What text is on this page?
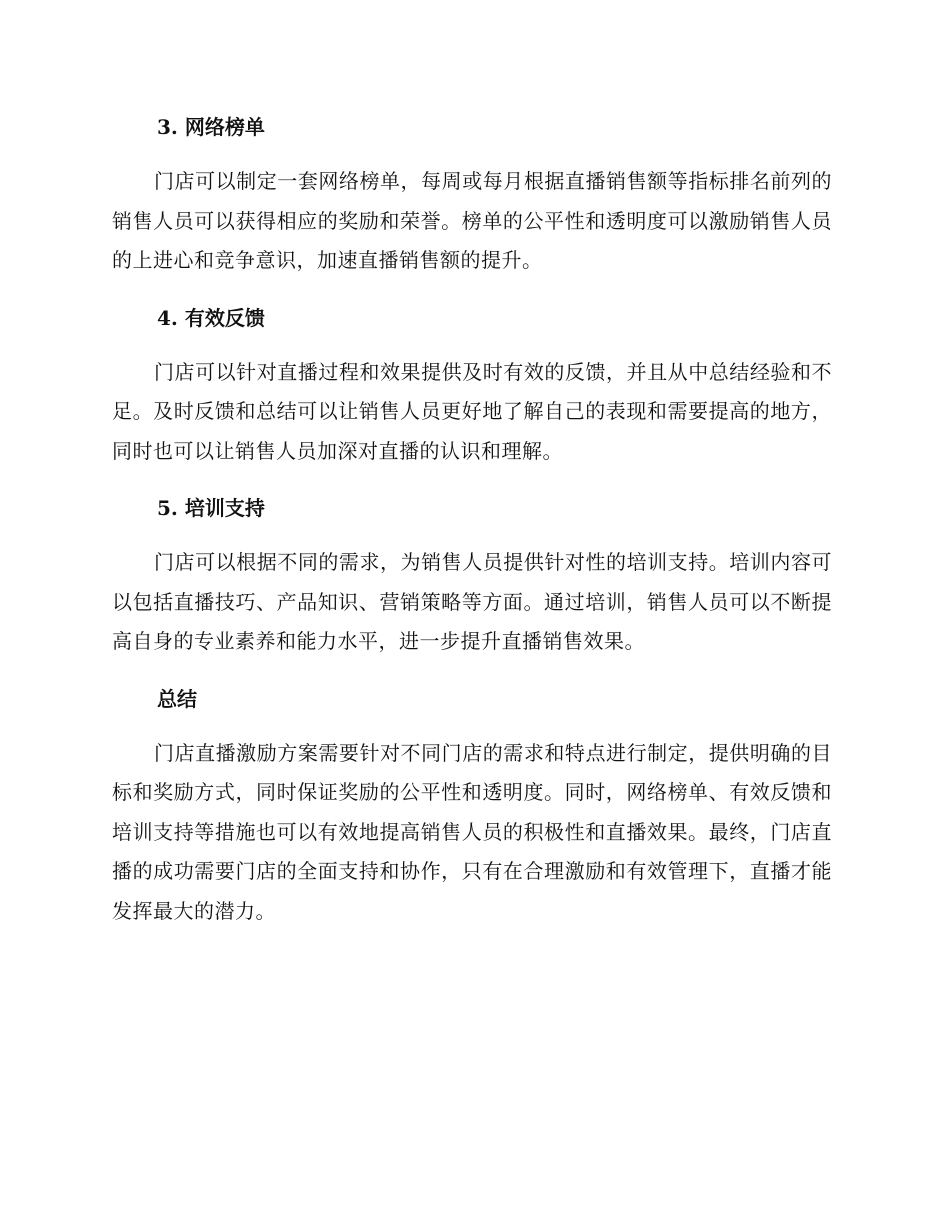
3. 网络榜单

门店可以制定一套网络榜单，每周或每月根据直播销售额等指标排名前列的销售人员可以获得相应的奖励和荣誉。榜单的公平性和透明度可以激励销售人员的上进心和竞争意识，加速直播销售额的提升。

4. 有效反馈

门店可以针对直播过程和效果提供及时有效的反馈，并且从中总结经验和不足。及时反馈和总结可以让销售人员更好地了解自己的表现和需要提高的地方，同时也可以让销售人员加深对直播的认识和理解。

5. 培训支持

门店可以根据不同的需求，为销售人员提供针对性的培训支持。培训内容可以包括直播技巧、产品知识、营销策略等方面。通过培训，销售人员可以不断提高自身的专业素养和能力水平，进一步提升直播销售效果。

总结

门店直播激励方案需要针对不同门店的需求和特点进行制定，提供明确的目标和奖励方式，同时保证奖励的公平性和透明度。同时，网络榜单、有效反馈和培训支持等措施也可以有效地提高销售人员的积极性和直播效果。最终，门店直播的成功需要门店的全面支持和协作，只有在合理激励和有效管理下，直播才能发挥最大的潜力。
